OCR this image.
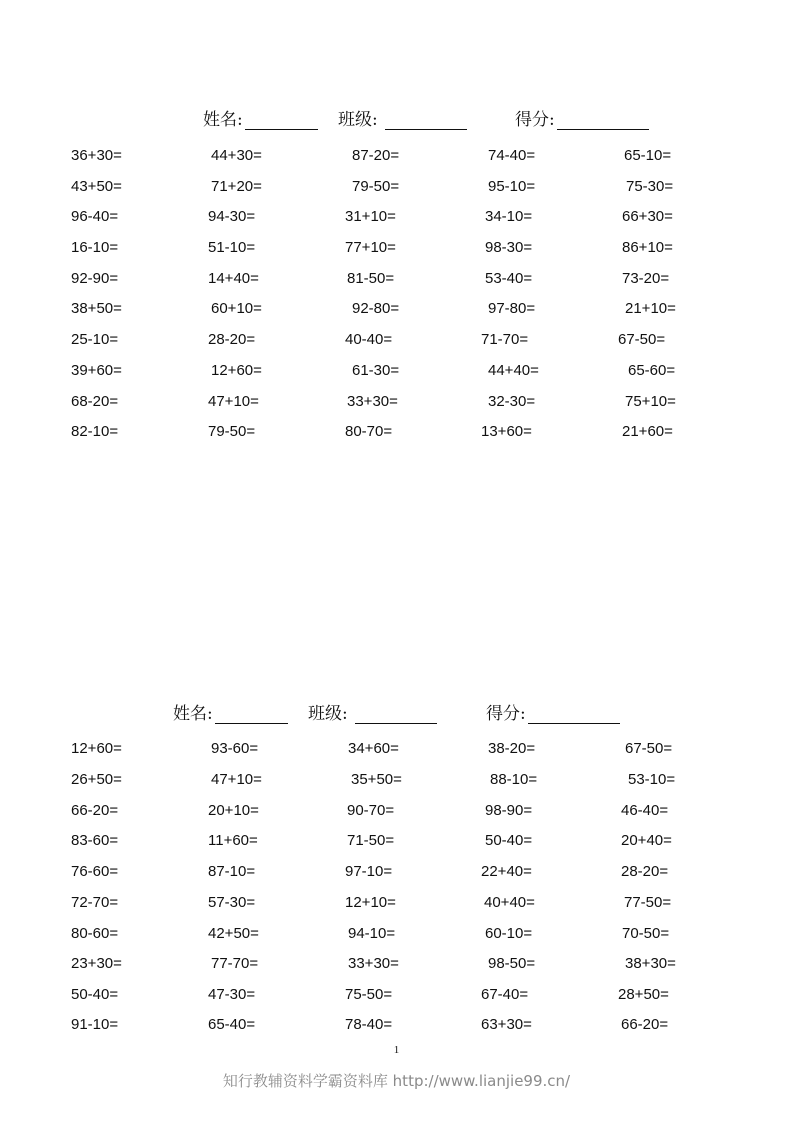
姓名:	班级:	得分:
36+30=	44+30=	87-20=	74-40=	65-10=
43+50=	71+20=	79-50=	95-10=	75-30=
96-40=	94-30=	31+10=	34-10=	66+30=
16-10=	51-10=	77+10=	98-30=	86+10=
92-90=	14+40=	81-50=	53-40=	73-20=
38+50=	60+10=	92-80=	97-80=	21+10=
25-10=	28-20=	40-40=	71-70=	67-50=
39+60=	12+60=	61-30=	44+40=	65-60=
68-20=	47+10=	33+30=	32-30=	75+10=
82-10=	79-50=	80-70=	13+60=	21+60=
姓名:	班级:	得分:
12+60=	93-60=	34+60=	38-20=	67-50=
26+50=	47+10=	35+50=	88-10=	53-10=
66-20=	20+10=	90-70=	98-90=	46-40=
83-60=	11+60=	71-50=	50-40=	20+40=
76-60=	87-10=	97-10=	22+40=	28-20=
72-70=	57-30=	12+10=	40+40=	77-50=
80-60=	42+50=	94-10=	60-10=	70-50=
23+30=	77-70=	33+30=	98-50=	38+30=
50-40=	47-30=	75-50=	67-40=	28+50=
91-10=	65-40=	78-40=	63+30=	66-20=
1
知行教辅资料学霸资料库 http://www.lianjie99.cn/
